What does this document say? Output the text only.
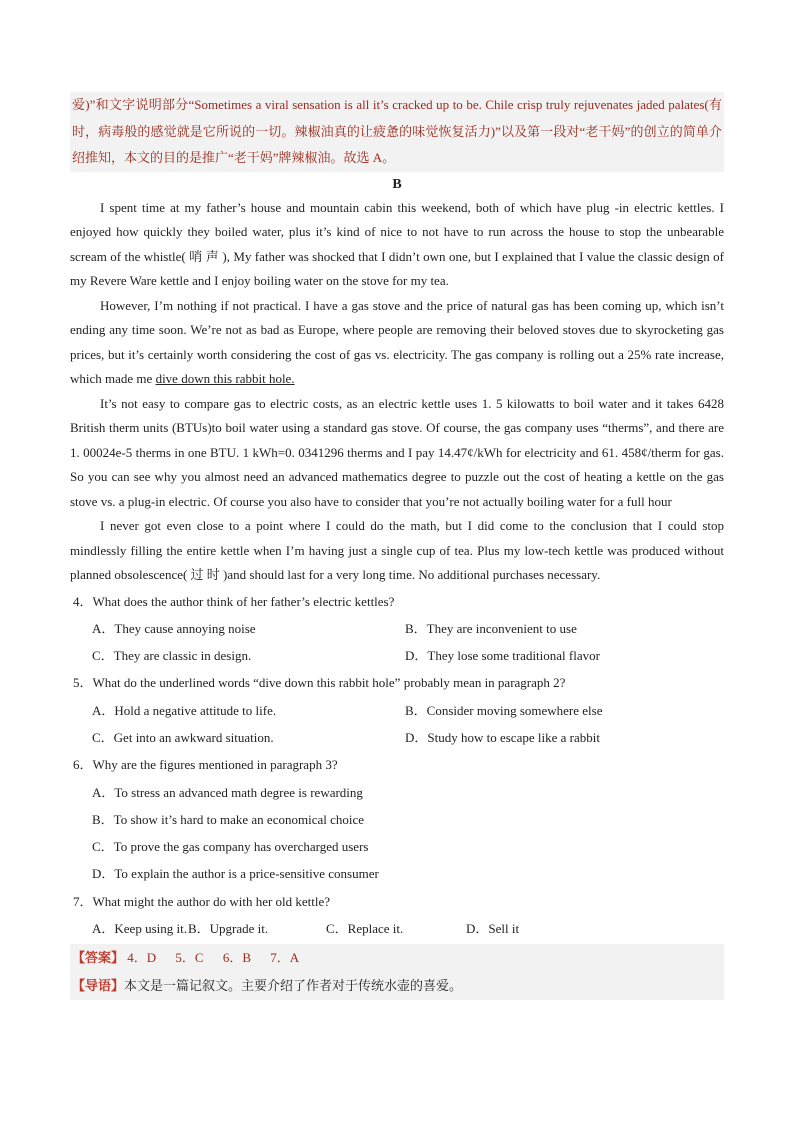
爱)”和文字说明部分“Sometimes a viral sensation is all it’s cracked up to be. Chile crisp truly rejuvenates jaded palates(有时，病毒般的感觉就是它所说的一切。辣椒油真的让疲惫的味觉恢复活力)”以及第一段对“老干妈”的创立的简单介绍推知，本文的目的是推广“老干妈”牌辣椒油。故选 A。

B

I spent time at my father’s house and mountain cabin this weekend, both of which have plug -in electric kettles. I enjoyed how quickly they boiled water, plus it’s kind of nice to not have to run across the house to stop the unbearable scream of the whistle( 哨 声 ), My father was shocked that I didn’t own one, but I explained that I value the classic design of my Revere Ware kettle and I enjoy boiling water on the stove for my tea.

However, I’m nothing if not practical. I have a gas stove and the price of natural gas has been coming up, which isn’t ending any time soon. We’re not as bad as Europe, where people are removing their beloved stoves due to skyrocketing gas prices, but it’s certainly worth considering the cost of gas vs. electricity. The gas company is rolling out a 25% rate increase, which made me dive down this rabbit hole.

It’s not easy to compare gas to electric costs, as an electric kettle uses 1. 5 kilowatts to boil water and it takes 6428 British therm units (BTUs)to boil water using a standard gas stove. Of course, the gas company uses “therms”, and there are 1. 00024e-5 therms in one BTU. 1 kWh=0. 0341296 therms and I pay 14.47¢/kWh for electricity and 61. 458¢/therm for gas. So you can see why you almost need an advanced mathematics degree to puzzle out the cost of heating a kettle on the gas stove vs. a plug-in electric. Of course you also have to consider that you’re not actually boiling water for a full hour

I never got even close to a point where I could do the math, but I did come to the conclusion that I could stop mindlessly filling the entire kettle when I’m having just a single cup of tea. Plus my low-tech kettle was produced without planned obsolescence( 过 时 )and should last for a very long time. No additional purchases necessary.

4．What does the author think of her father’s electric kettles?
A．They cause annoying noise	B．They are inconvenient to use
C．They are classic in design.	D．They lose some traditional flavor
5．What do the underlined words “dive down this rabbit hole” probably mean in paragraph 2?
A．Hold a negative attitude to life.	B．Consider moving somewhere else
C．Get into an awkward situation.	D．Study how to escape like a rabbit
6．Why are the figures mentioned in paragraph 3?
A．To stress an advanced math degree is rewarding
B．To show it’s hard to make an economical choice
C．To prove the gas company has overcharged users
D．To explain the author is a price-sensitive consumer
7．What might the author do with her old kettle?
A．Keep using it. B．Upgrade it.	C．Replace it.	D．Sell it
【答案】 4．D 5．C 6．B 7．A
【导语】本文是一篇记叙文。主要介绍了作者对于传统水壶的喜爱。
